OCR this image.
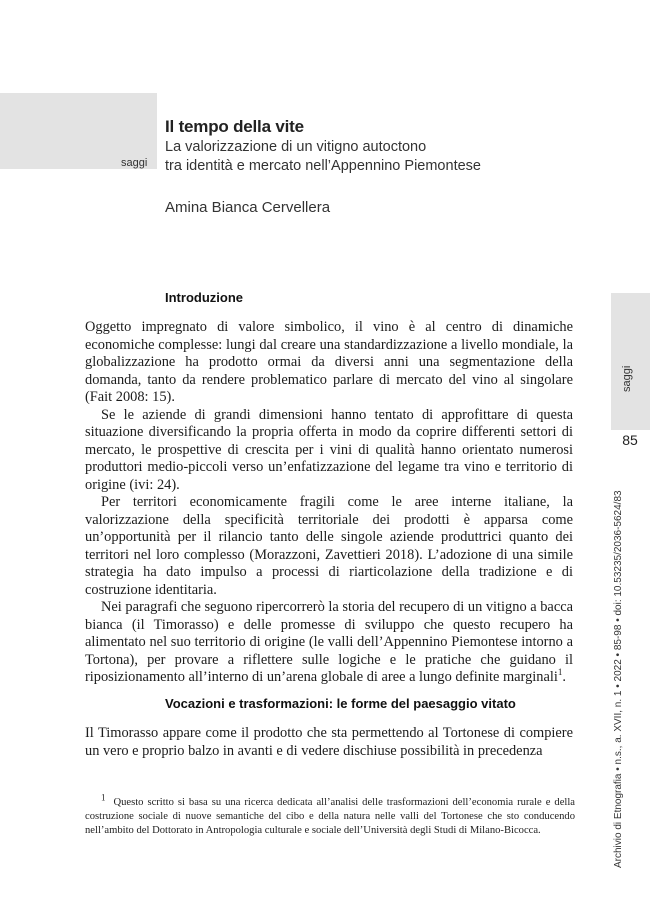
saggi
Il tempo della vite
La valorizzazione di un vitigno autoctono
tra identità e mercato nell’Appennino Piemontese
Amina Bianca Cervellera
Introduzione

Oggetto impregnato di valore simbolico, il vino è al centro di dinamiche economiche complesse: lungi dal creare una standardizzazione a livello mondiale, la globalizzazione ha prodotto ormai da diversi anni una segmentazione della domanda, tanto da rendere problematico parlare di mercato del vino al singolare (Fait 2008: 15).

Se le aziende di grandi dimensioni hanno tentato di approfittare di questa situazione diversificando la propria offerta in modo da coprire differenti settori di mercato, le prospettive di crescita per i vini di qualità hanno orientato numerosi produttori medio-piccoli verso un’enfatizzazione del legame tra vino e territorio di origine (ivi: 24).

Per territori economicamente fragili come le aree interne italiane, la valorizzazione della specificità territoriale dei prodotti è apparsa come un’opportunità per il rilancio tanto delle singole aziende produttrici quanto dei territori nel loro complesso (Morazzoni, Zavettieri 2018). L’adozione di una simile strategia ha dato impulso a processi di riarticolazione della tradizione e di costruzione identitaria.

Nei paragrafi che seguono ripercorrerò la storia del recupero di un vitigno a bacca bianca (il Timorasso) e delle promesse di sviluppo che questo recupero ha alimentato nel suo territorio di origine (le valli dell’Appennino Piemontese intorno a Tortona), per provare a riflettere sulle logiche e le pratiche che guidano il riposizionamento all’interno di un’arena globale di aree a lungo definite marginali$^1$.

Vocazioni e trasformazioni: le forme del paesaggio vitato

Il Timorasso appare come il prodotto che sta permettendo al Tortonese di compiere un vero e proprio balzo in avanti e di vedere dischiuse possibilità in precedenza

$^1$ Questo scritto si basa su una ricerca dedicata all’analisi delle trasformazioni dell’economia rurale e della costruzione sociale di nuove semantiche del cibo e della natura nelle valli del Tortonese che sto conducendo nell’ambito del Dottorato in Antropologia culturale e sociale dell’Università degli Studi di Milano-Bicocca.
saggi
85
Archivio di Etnografia • n.s., a. XVII, n. 1 • 2022 • 85-98 • doi: 10.53235/2036-5624/83
